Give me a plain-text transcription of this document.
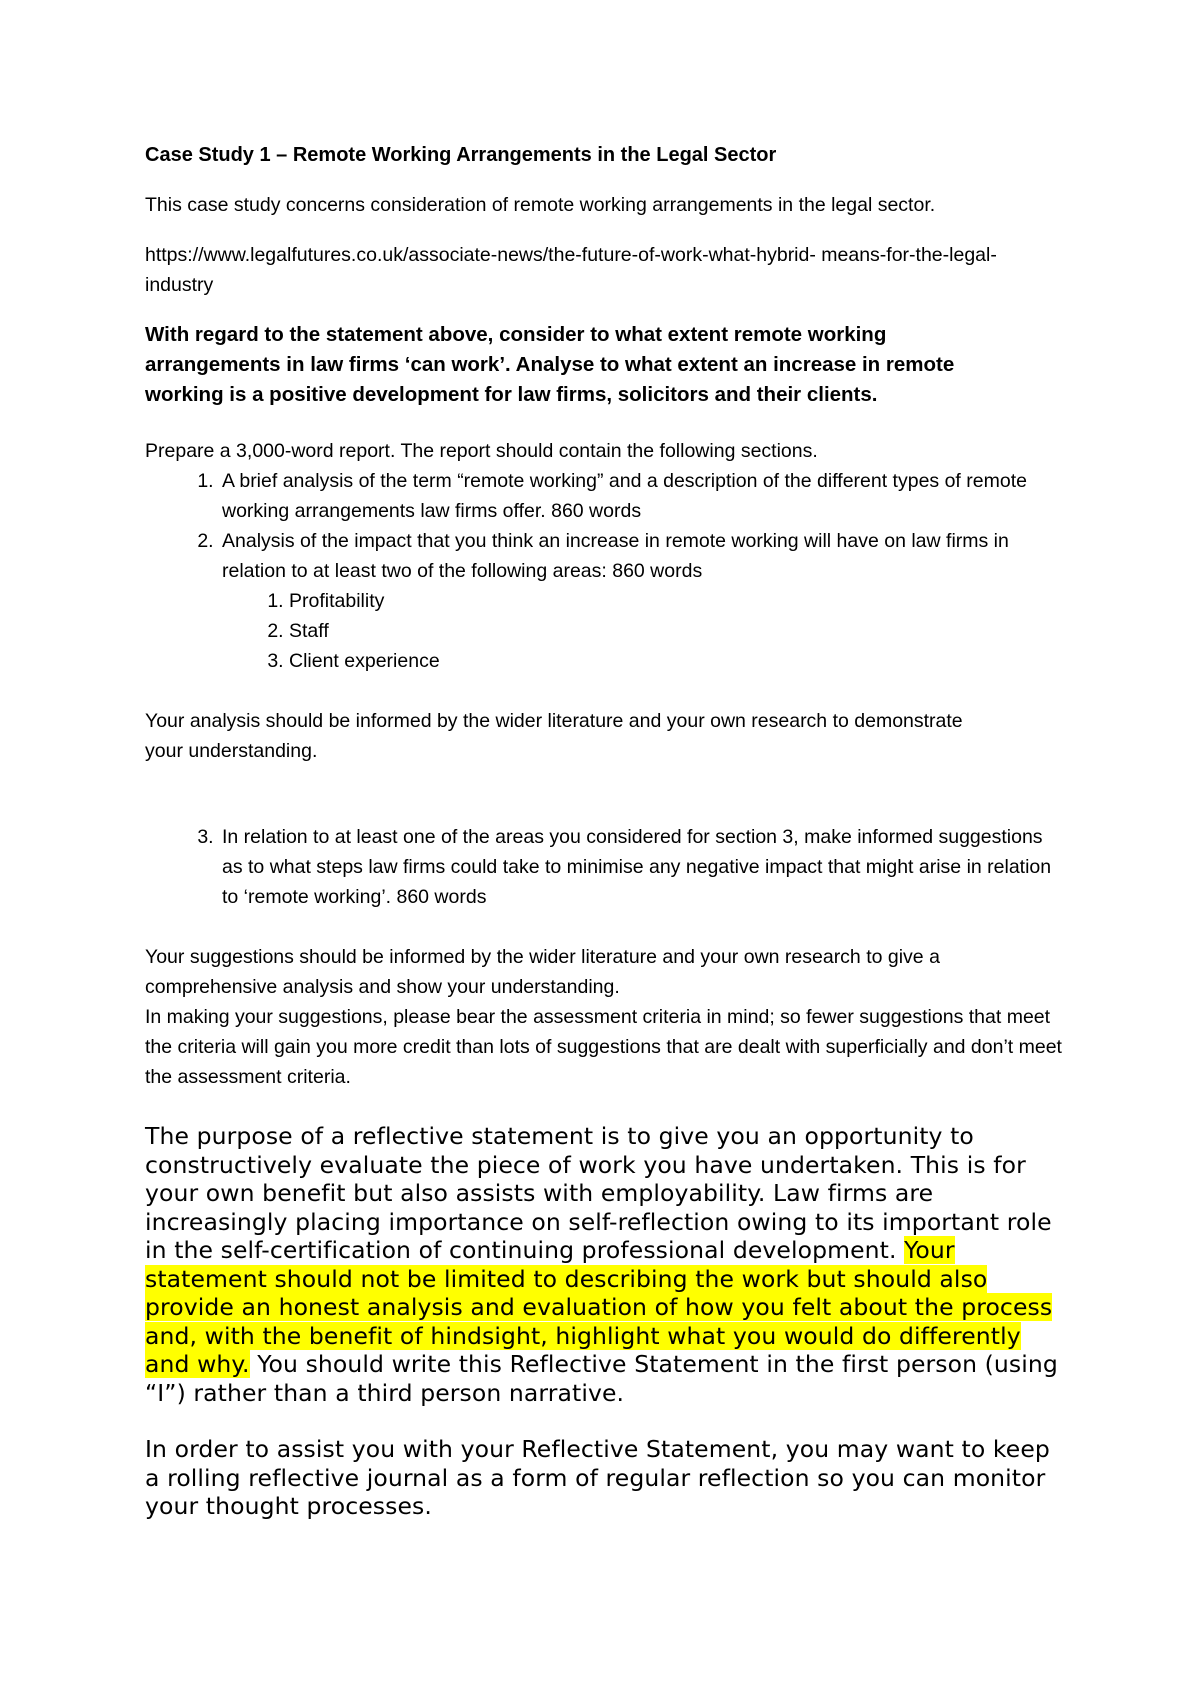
Case Study 1 – Remote Working Arrangements in the Legal Sector
This case study concerns consideration of remote working arrangements in the legal sector.
https://www.legalfutures.co.uk/associate-news/the-future-of-work-what-hybrid- means-for-the-legal-industry
With regard to the statement above, consider to what extent remote working arrangements in law firms ‘can work’. Analyse to what extent an increase in remote working is a positive development for law firms, solicitors and their clients.
Prepare a 3,000-word report. The report should contain the following sections.
1. A brief analysis of the term “remote working” and a description of the different types of remote working arrangements law firms offer. 860 words
2. Analysis of the impact that you think an increase in remote working will have on law firms in relation to at least two of the following areas: 860 words
1. Profitability
2. Staff
3. Client experience
Your analysis should be informed by the wider literature and your own research to demonstrate your understanding.
3. In relation to at least one of the areas you considered for section 3, make informed suggestions as to what steps law firms could take to minimise any negative impact that might arise in relation to ‘remote working’. 860 words
Your suggestions should be informed by the wider literature and your own research to give a comprehensive analysis and show your understanding.
In making your suggestions, please bear the assessment criteria in mind; so fewer suggestions that meet the criteria will gain you more credit than lots of suggestions that are dealt with superficially and don’t meet the assessment criteria.
The purpose of a reflective statement is to give you an opportunity to constructively evaluate the piece of work you have undertaken. This is for your own benefit but also assists with employability. Law firms are increasingly placing importance on self-reflection owing to its important role in the self-certification of continuing professional development. Your statement should not be limited to describing the work but should also provide an honest analysis and evaluation of how you felt about the process and, with the benefit of hindsight, highlight what you would do differently and why. You should write this Reflective Statement in the first person (using “I”) rather than a third person narrative.
In order to assist you with your Reflective Statement, you may want to keep a rolling reflective journal as a form of regular reflection so you can monitor your thought processes.
